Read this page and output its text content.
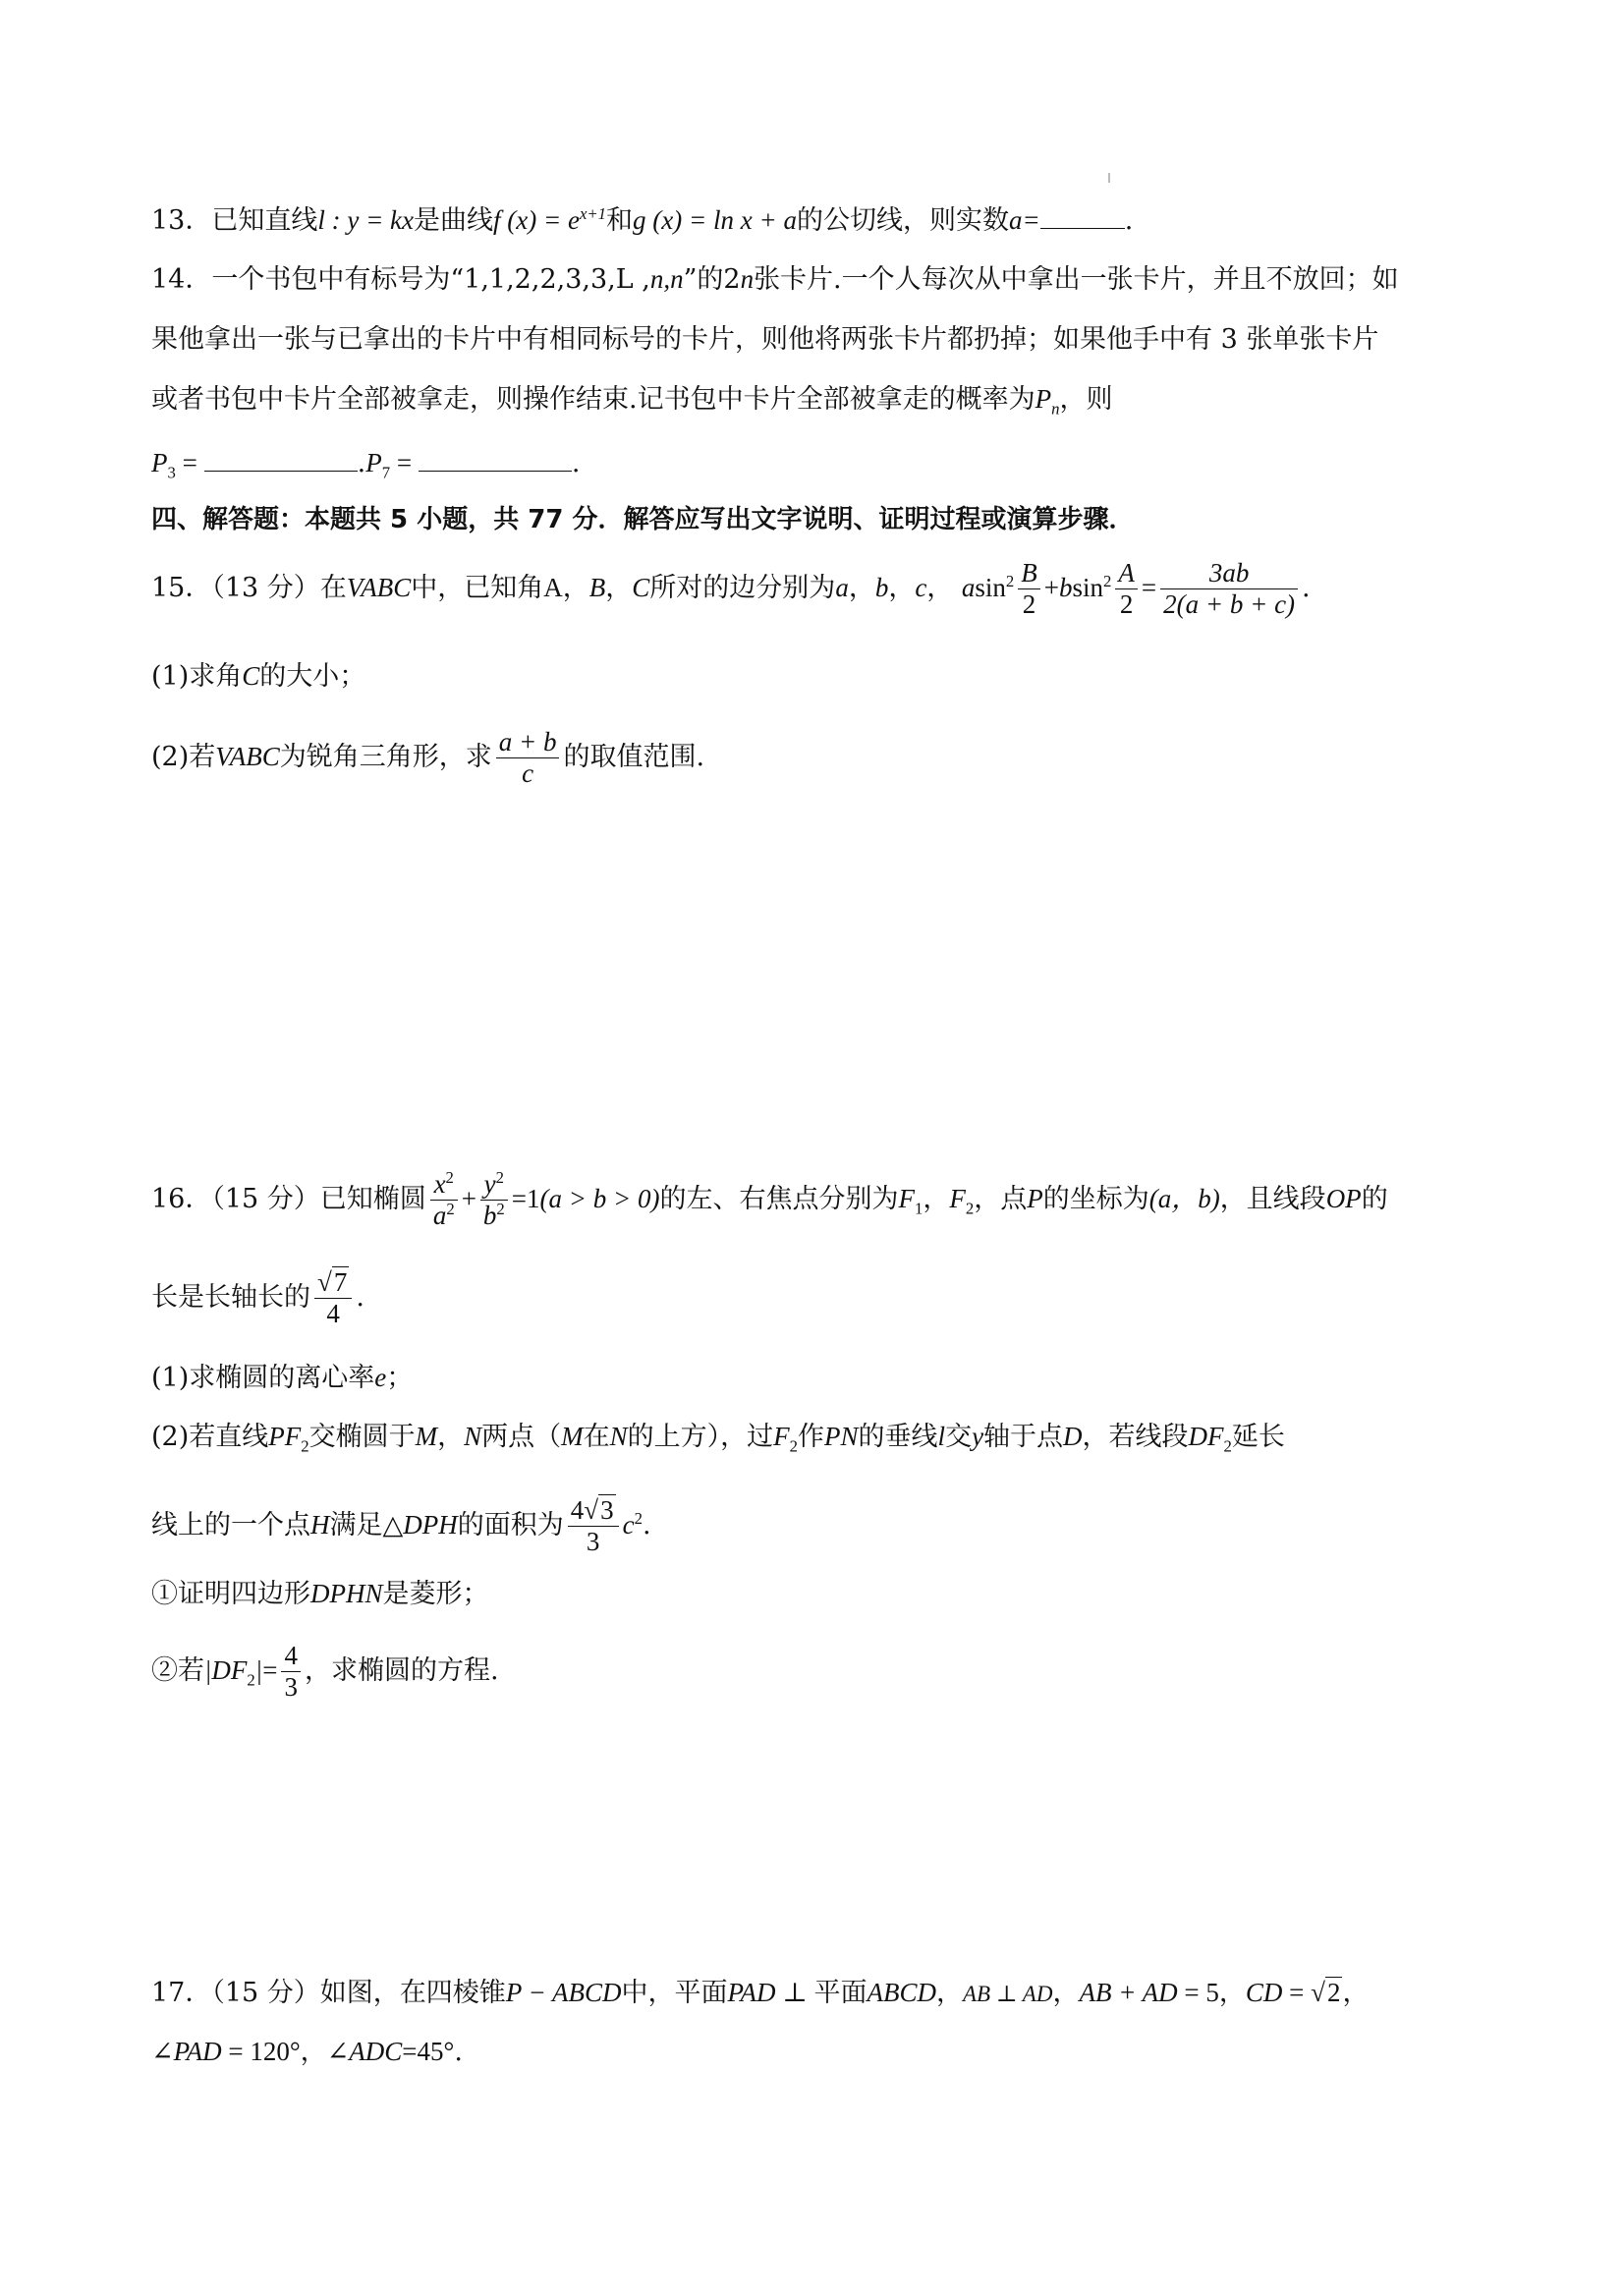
13．已知直线l : y = kx是曲线f $(x) = e^{x+1}$和g (x) = ln x + a的公切线，则实数a=	.
14．一个书包中有标号为“1,1,2,2,3,3,L ,n,n”的2n张卡片.一个人每次从中拿出一张卡片，并且不放回；如
果他拿出一张与已拿出的卡片中有相同标号的卡片，则他将两张卡片都扔掉；如果他手中有 3 张单张卡片
或者书包中卡片全部被拿走，则操作结束.记书包中卡片全部被拿走的概率为$P_n$，则
$P_3$ =	$.P_7$ =	.
四、解答题：本题共 5 小题，共 77 分．解答应写出文字说明、证明过程或演算步骤．
15．（13 分）在VABC中，已知角A，B，C所对的边分别为a，b，c， $asin^2 \frac{B}{2} +bsin^2 \frac{A}{2} = \frac{3ab}{2(a + b + c)}$ .
(1)求角C的大小；
(2)若VABC为锐角三角形，求 $\frac{a + b}{c}$ 的取值范围.
16．（15 分）已知椭圆 $\frac{x^2}{a^2} + \frac{y^2}{b^2} =1(a > b > 0)$的左、右焦点分别为$F_1$，$F_2$，点P的坐标为(a，b)，且线段OP的
长是长轴长的 $\frac{√7}{4}$ .
(1)求椭圆的离心率e；
(2)若直线$PF_2$交椭圆于M，N两点（M在N的上方），过$F_2$作PN的垂线l交y轴于点D，若线段$DF_2$延长
线上的一个点H满足△DPH的面积为 $\frac{4√3}{3} c^2$.
①证明四边形DPHN是菱形；
②若$|DF_2|= \frac{4}{3}$ ，求椭圆的方程.
17．（15 分）如图，在四棱锥P − ABCD中，平面PAD ⊥ 平面ABCD，AB ⊥ AD，AB + AD = 5，CD = √2，
∠PAD = 120°，∠ADC=45°.
